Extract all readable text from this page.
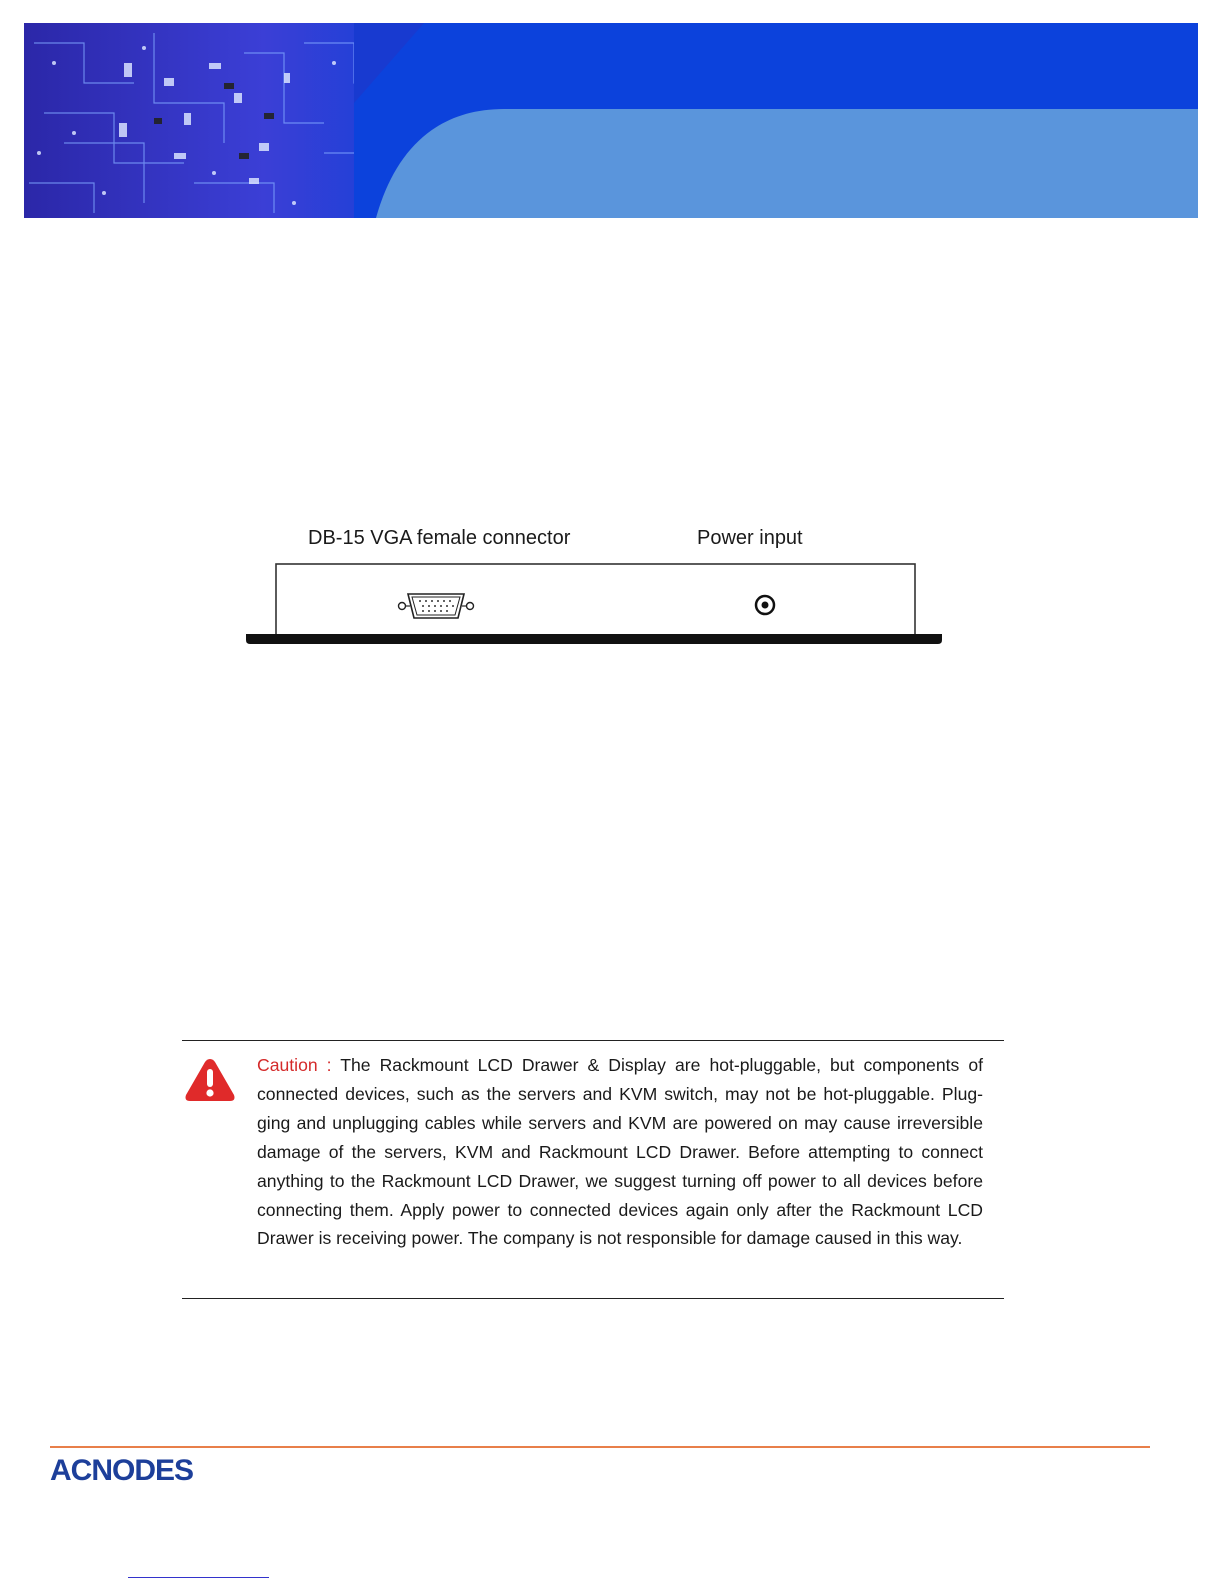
DB-15 VGA female connector	Power input
Caution : The Rackmount LCD Drawer & Display are hot-pluggable, but components of connected devices, such as the servers and KVM switch, may not be hot-pluggable. Plug-ging and unplugging cables while servers and KVM are powered on may cause irreversible damage of the servers, KVM and Rackmount LCD Drawer. Before attempting to connect anything to the Rackmount LCD Drawer, we suggest turning off power to all devices before connecting them. Apply power to connected devices again only after the Rackmount LCD Drawer is receiving power. The company is not responsible for damage caused in this way.
ACNODES
